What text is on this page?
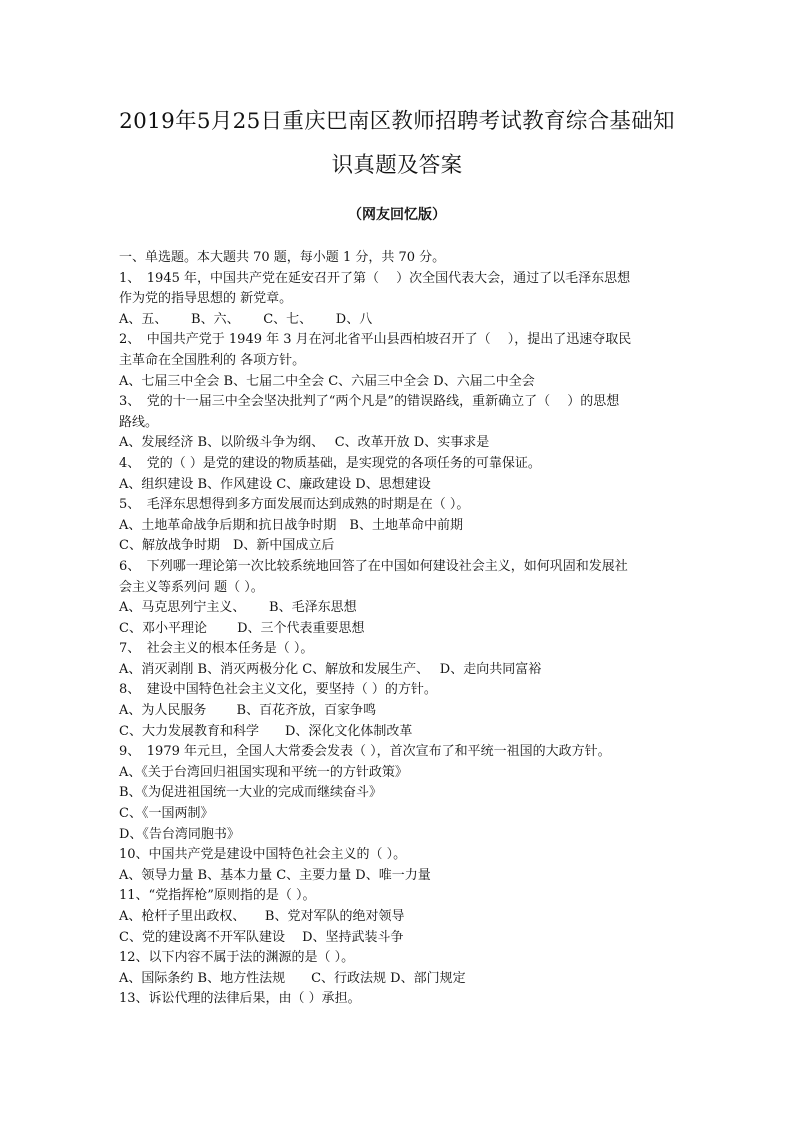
2019年5月25日重庆巴南区教师招聘考试教育综合基础知
识真题及答案
（网友回忆版）
一、单选题。本大题共 70 题，每小题 1 分，共 70 分。
1、　1945 年，中国共产党在延安召开了第（　 ）次全国代表大会，通过了以毛泽东思想
作为党的指导思想的 新党章。
A、五、　　 B、六、　　 C、七、　　 D、八
2、　中国共产党于 1949 年 3 月在河北省平山县西柏坡召开了（　 ），提出了迅速夺取民
主革命在全国胜利的 各项方针。
A、七届三中全会 B、七届二中全会 C、六届三中全会 D、六届二中全会
3、　党的十一届三中全会坚决批判了“两个凡是”的错误路线，重新确立了（　 ）的思想
路线。
A、发展经济 B、以阶级斗争为纲、　 C、改革开放 D、实事求是
4、　党的（ ）是党的建设的物质基础，是实现党的各项任务的可靠保证。
A、组织建设 B、作风建设 C、廉政建设 D、思想建设
5、　毛泽东思想得到多方面发展而达到成熟的时期是在（ ）。
A、土地革命战争后期和抗日战争时期　B、土地革命中前期
C、解放战争时期　D、新中国成立后
6、　下列哪一理论第一次比较系统地回答了在中国如何建设社会主义，如何巩固和发展社
会主义等系列问 题（ ）。
A、马克思列宁主义、　　 B、毛泽东思想
C、邓小平理论　　 D、三个代表重要思想
7、　社会主义的根本任务是（ ）。
A、消灭剥削 B、消灭两极分化 C、解放和发展生产、　 D、走向共同富裕
8、　建设中国特色社会主义文化，要坚持（ ）的方针。
A、为人民服务　　 B、百花齐放，百家争鸣
C、大力发展教育和科学　　D、深化文化体制改革
9、　1979 年元旦，全国人大常委会发表（ ），首次宣布了和平统一祖国的大政方针。
A、《关于台湾回归祖国实现和平统一的方针政策》
B、《为促进祖国统一大业的完成而继续奋斗》
C、《一国两制》
D、《告台湾同胞书》
10、中国共产党是建设中国特色社会主义的（ ）。
A、领导力量 B、基本力量 C、主要力量 D、唯一力量
11、“党指挥枪”原则指的是（ ）。
A、枪杆子里出政权、　　B、党对军队的绝对领导
C、党的建设离不开军队建设　 D、坚持武装斗争
12、以下内容不属于法的渊源的是（ ）。
A、国际条约 B、地方性法规　　C、行政法规 D、部门规定
13、诉讼代理的法律后果，由（ ）承担。
